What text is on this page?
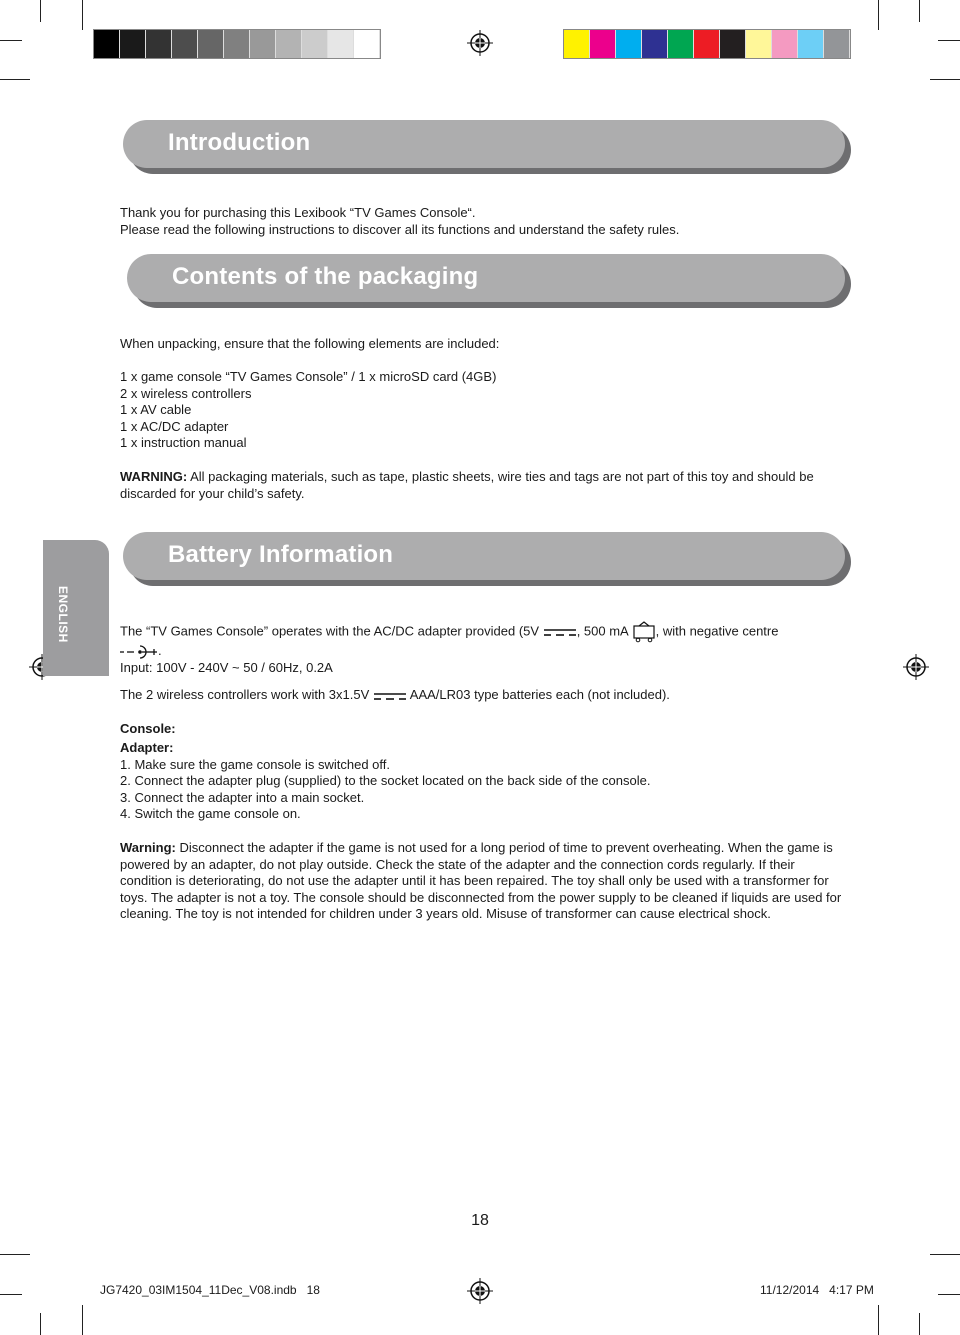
Introduction

Thank you for purchasing this Lexibook “TV Games Console“.

Please read the following instructions to discover all its functions and understand the safety rules.

Contents of the packaging

When unpacking, ensure that the following elements are included:

1 x game console “TV Games Console” / 1 x microSD card (4GB)

2 x wireless controllers

1 x AV cable

1 x AC/DC adapter

1 x instruction manual

WARNING: All packaging materials, such as tape, plastic sheets, wire ties and tags are not part of this toy and should be discarded for your child’s safety.

ENGLISH
Battery Information

The “TV Games Console” operates with the AC/DC adapter provided (5V	, 500 mA , with negative centre

.

Input: 100V - 240V ~ 50 / 60Hz, 0.2A

The 2 wireless controllers work with 3x1.5V	AAA/LR03 type batteries each (not included).

Console:

Adapter:

1. Make sure the game console is switched off.

2. Connect the adapter plug (supplied) to the socket located on the back side of the console.

3. Connect the adapter into a main socket.

4. Switch the game console on.

Warning: Disconnect the adapter if the game is not used for a long period of time to prevent overheating. When the game is powered by an adapter, do not play outside. Check the state of the adapter and the connection cords regularly. If their condition is deteriorating, do not use the adapter until it has been repaired. The toy shall only be used with a transformer for toys. The adapter is not a toy. The console should be disconnected from the power supply to be cleaned if liquids are used for cleaning. The toy is not intended for children under 3 years old. Misuse of transformer can cause electrical shock.

18
JG7420_03IM1504_11Dec_V08.indb   18	11/12/2014   4:17 PM
